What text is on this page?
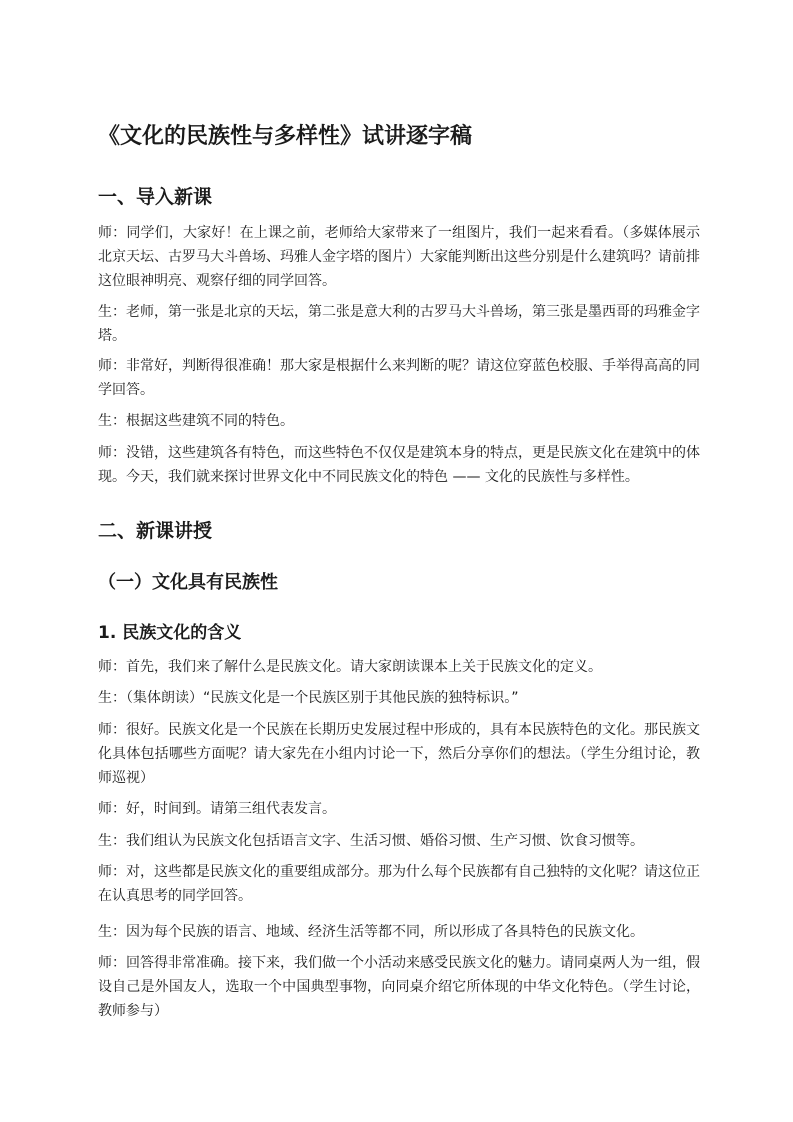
《文化的民族性与多样性》试讲逐字稿
一、导入新课

师：同学们，大家好！在上课之前，老师给大家带来了一组图片，我们一起来看看。（多媒体展示北京天坛、古罗马大斗兽场、玛雅人金字塔的图片）大家能判断出这些分别是什么建筑吗？请前排这位眼神明亮、观察仔细的同学回答。

生：老师，第一张是北京的天坛，第二张是意大利的古罗马大斗兽场，第三张是墨西哥的玛雅金字塔。

师：非常好，判断得很准确！那大家是根据什么来判断的呢？请这位穿蓝色校服、手举得高高的同学回答。

生：根据这些建筑不同的特色。

师：没错，这些建筑各有特色，而这些特色不仅仅是建筑本身的特点，更是民族文化在建筑中的体现。今天，我们就来探讨世界文化中不同民族文化的特色 —— 文化的民族性与多样性。

二、新课讲授
（一）文化具有民族性
1. 民族文化的含义

师：首先，我们来了解什么是民族文化。请大家朗读课本上关于民族文化的定义。

生：（集体朗读）“民族文化是一个民族区别于其他民族的独特标识。”

师：很好。民族文化是一个民族在长期历史发展过程中形成的，具有本民族特色的文化。那民族文化具体包括哪些方面呢？请大家先在小组内讨论一下，然后分享你们的想法。（学生分组讨论，教师巡视）

师：好，时间到。请第三组代表发言。

生：我们组认为民族文化包括语言文字、生活习惯、婚俗习惯、生产习惯、饮食习惯等。

师：对，这些都是民族文化的重要组成部分。那为什么每个民族都有自己独特的文化呢？请这位正在认真思考的同学回答。

生：因为每个民族的语言、地域、经济生活等都不同，所以形成了各具特色的民族文化。

师：回答得非常准确。接下来，我们做一个小活动来感受民族文化的魅力。请同桌两人为一组，假设自己是外国友人，选取一个中国典型事物，向同桌介绍它所体现的中华文化特色。（学生讨论，教师参与）
